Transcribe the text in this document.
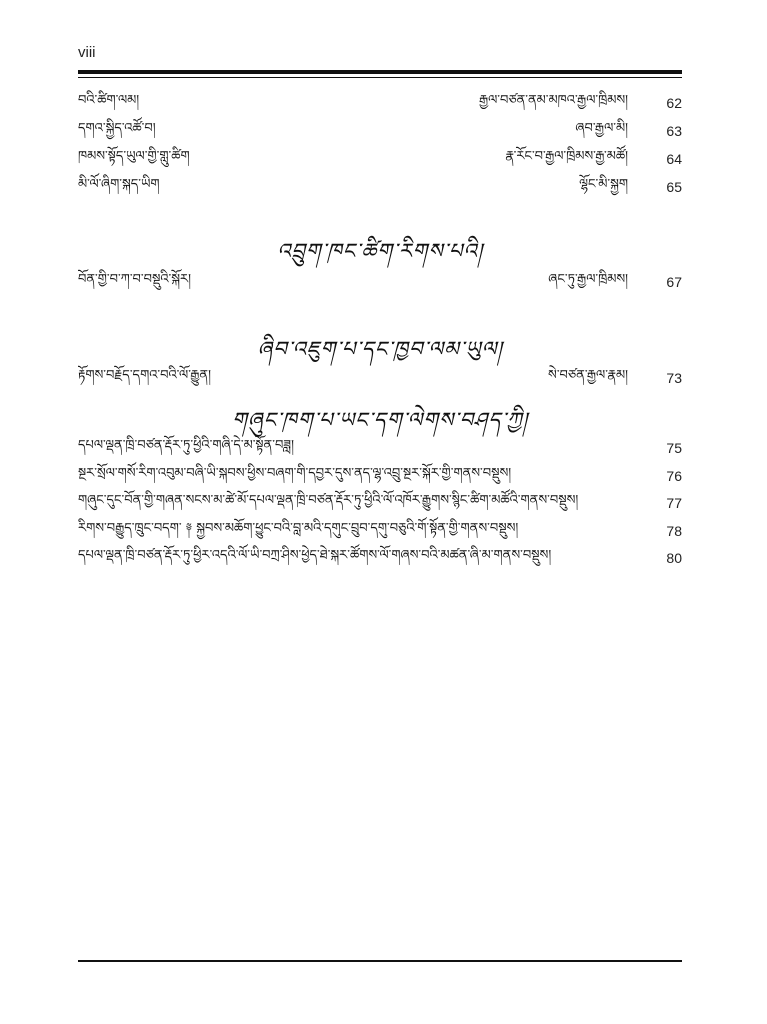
viii
བའི་ཚིག་ལམ།	རྒྱལ་བཙན་ནམ་མཁའ་རྒྱལ་ཁྲིམས།	62
དགའ་སྐྱིད་འཚོ་བ།	ཞབ་རྒྱལ་མི།	63
ཁམས་སྟོད་ཡུལ་གྱི་གླུ་ཚིག	རྣ་རོང་བ་རྒྱལ་ཁྲིམས་རྒྱ་མཚོ།	64
མི་ལོ་ཞིག་སྐད་ཡིག	ལྷོང་མི་སྐྱག	65
འབྲུག་ཁང་ཚིག་རིགས་པའི།
བོན་གྱི་བ་ཀ་བ་བསྡུའི་སྐོར།	ཞང་ཏུ་རྒྱལ་ཁྲིམས།	67
ཞིབ་འཇུག་པ་དང་ཁྱབ་ལམ་ཡུལ།
རྟོགས་བརྗོད་དགའ་བའི་ལོ་རྒྱུན།	སེ་བཙན་རྒྱལ་རྣམ།	73
གཞུང་ཁག་པ་ཡང་དག་ལེགས་བཤད་ཀྱི།
དཔལ་ལྡན་ཁྲི་བཙན་རྡོར་ཏུ་ཕྱིའི་གཞི་དེ་མ་སྟོན་བཟླ།	75
སྔར་སྲོལ་གསོ་རིག་འབུམ་བཞི་ཡི་སྐབས་ཕྱིས་བཞག་གི་དབྱར་དུས་ནད་ལྷ་འབྲུ་སྔར་སྐོར་གྱི་གནས་བསྡུས།	76
གཞུང་དུང་བོན་གྱི་གཞན་སངས་མ་ཚེ་མོ་དཔལ་ལྡན་ཁྲི་བཙན་རྡོར་ཏུ་ཕྱིའི་ལོ་འཁོར་རྒྱུགས་སྙིང་ཚིག་མཚོའི་གནས་བསྡུས།	77
རིགས་བརྒྱུད་ཁྲུང་བདག་ ༈ སྐྱབས་མཆོག་ཕྱུང་བའི་བླ་མའི་དགུང་བྲུབ་དགུ་བཅུའི་གོ་སྟོན་གྱི་གནས་བསྡུས།	78
དཔལ་ལྡན་ཁྲི་བཙན་རྡོར་ཏུ་ཕྱིར་འདའི་ལོ་ཡི་བཀྲ་ཤིས་ཕྱེད་ཐེ་སྐར་ཚོགས་ལོ་གཞས་བའི་མཚན་ཞི་མ་གནས་བསྡུས།	80
